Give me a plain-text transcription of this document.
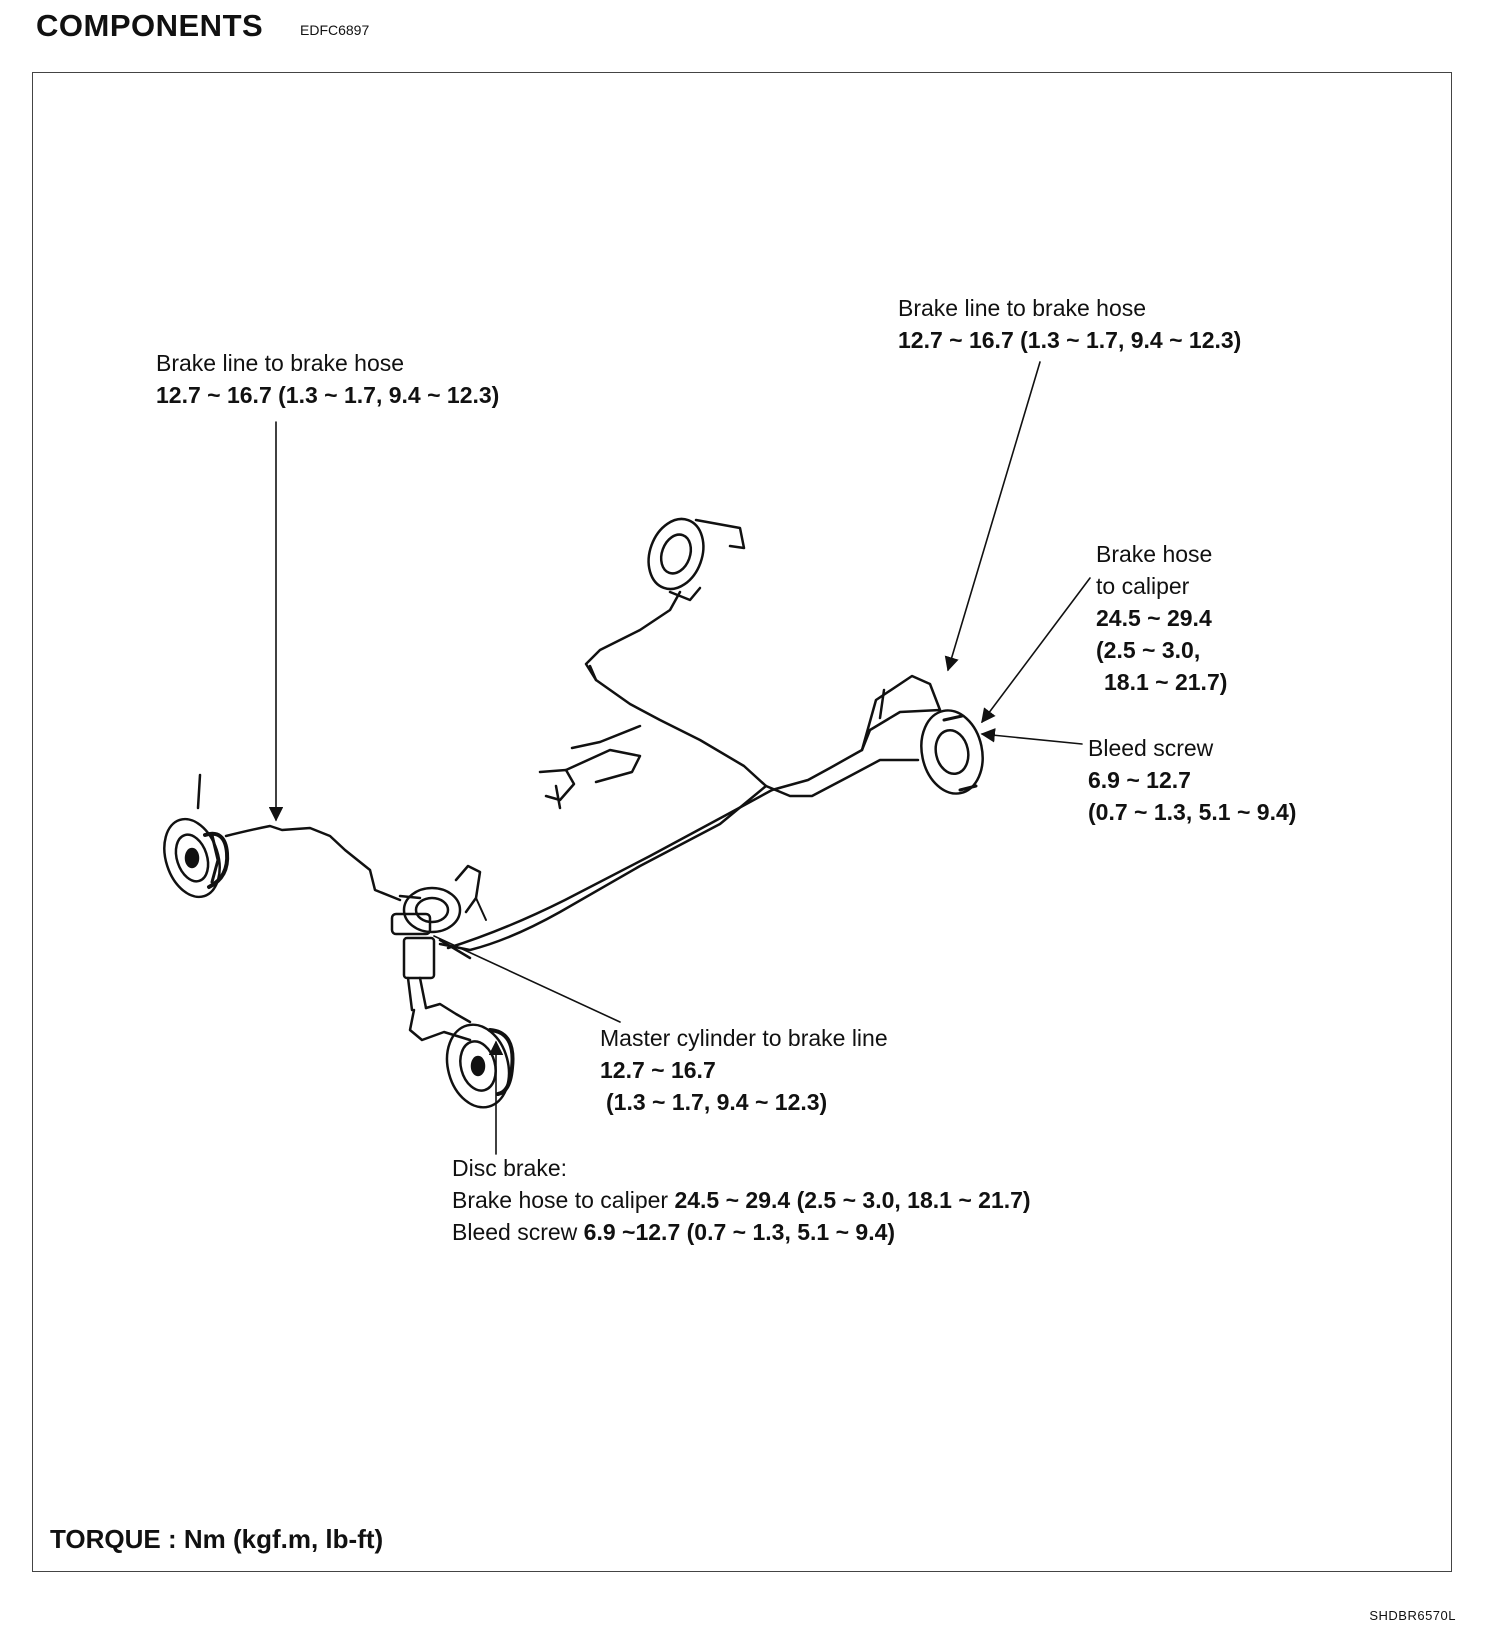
COMPONENTS	EDFC6897
Brake line to brake hose
12.7 ~ 16.7 (1.3 ~ 1.7, 9.4 ~ 12.3)
Brake line to brake hose
12.7 ~ 16.7 (1.3 ~ 1.7, 9.4 ~ 12.3)
Brake hose
to caliper
24.5 ~ 29.4
(2.5 ~ 3.0,
18.1 ~ 21.7)
Bleed screw
6.9 ~ 12.7
(0.7 ~ 1.3, 5.1 ~ 9.4)
Master cylinder to brake line
12.7 ~ 16.7
(1.3 ~ 1.7, 9.4 ~ 12.3)
Disc brake:
Brake hose to caliper 24.5 ~ 29.4 (2.5 ~ 3.0, 18.1 ~ 21.7)
Bleed screw 6.9 ~12.7 (0.7 ~ 1.3, 5.1 ~ 9.4)
TORQUE : Nm (kgf.m, lb-ft)
SHDBR6570L
